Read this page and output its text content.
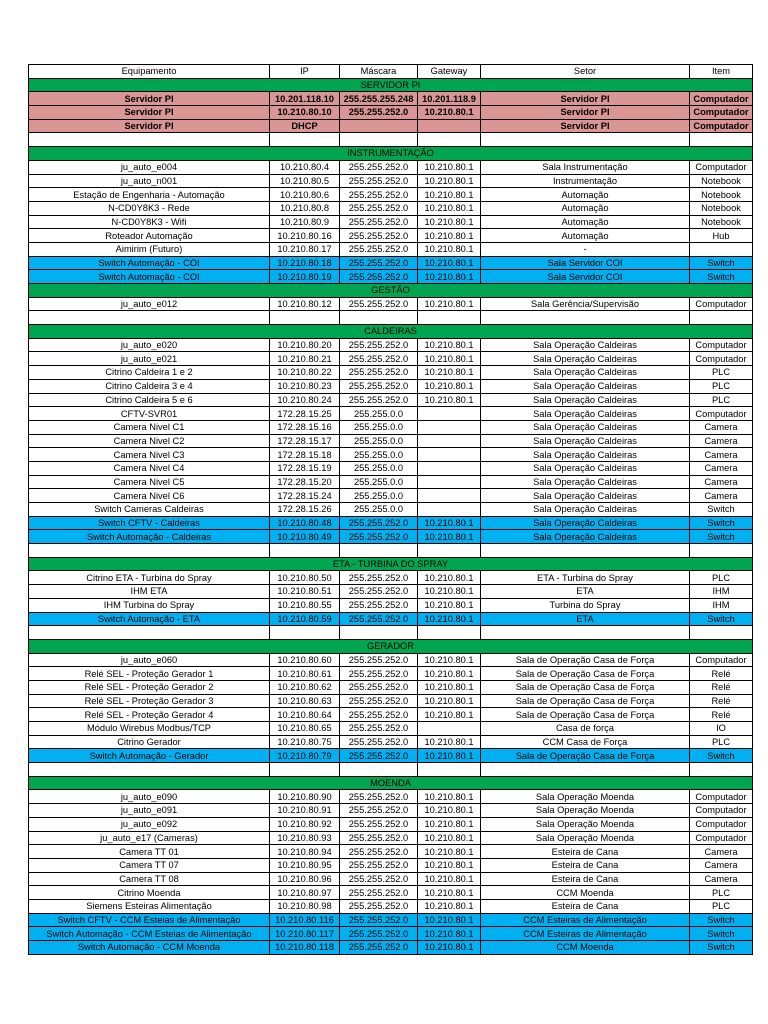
Equipamento	IP	Máscara	Gateway	Setor	Item
SERVIDOR PI					
Servidor PI	10.201.118.10	255.255.255.248	10.201.118.9	Servidor PI	Computador
Servidor PI	10.210.80.10	255.255.252.0	10.210.80.1	Servidor PI	Computador
Servidor PI	DHCP			Servidor PI	Computador

INSTRUMENTAÇÃO					
ju_auto_e004	10.210.80.4	255.255.252.0	10.210.80.1	Sala Instrumentação	Computador
ju_auto_n001	10.210.80.5	255.255.252.0	10.210.80.1	Instrumentação	Notebook
Estação de Engenharia - Automação	10.210.80.6	255.255.252.0	10.210.80.1	Automação	Notebook
N-CD0Y8K3 - Rede	10.210.80.8	255.255.252.0	10.210.80.1	Automação	Notebook
N-CD0Y8K3 - Wifi	10.210.80.9	255.255.252.0	10.210.80.1	Automação	Notebook
Roteador Automação	10.210.80.16	255.255.252.0	10.210.80.1	Automação	Hub
Aimirim (Futuro)	10.210.80.17	255.255.252.0	10.210.80.1	-	
Switch Automação - COI	10.210.80.18	255.255.252.0	10.210.80.1	Sala Servidor COI	Switch
Switch Automação - COI	10.210.80.19	255.255.252.0	10.210.80.1	Sala Servidor COI	Switch
GESTÃO					
ju_auto_e012	10.210.80.12	255.255.252.0	10.210.80.1	Sala Gerência/Supervisão	Computador

CALDEIRAS					
ju_auto_e020	10.210.80.20	255.255.252.0	10.210.80.1	Sala Operação Caldeiras	Computador
ju_auto_e021	10.210.80.21	255.255.252.0	10.210.80.1	Sala Operação Caldeiras	Computador
Citrino Caldeira 1 e 2	10.210.80.22	255.255.252.0	10.210.80.1	Sala Operação Caldeiras	PLC
Citrino Caldeira 3 e 4	10.210.80.23	255.255.252.0	10.210.80.1	Sala Operação Caldeiras	PLC
Citrino Caldeira 5 e 6	10.210.80.24	255.255.252.0	10.210.80.1	Sala Operação Caldeiras	PLC
CFTV-SVR01	172.28.15.25	255.255.0.0		Sala Operação Caldeiras	Computador
Camera Nivel C1	172.28.15.16	255.255.0.0		Sala Operação Caldeiras	Camera
Camera Nivel C2	172.28.15.17	255.255.0.0		Sala Operação Caldeiras	Camera
Camera Nivel C3	172.28.15.18	255.255.0.0		Sala Operação Caldeiras	Camera
Camera Nivel C4	172.28.15.19	255.255.0.0		Sala Operação Caldeiras	Camera
Camera Nivel C5	172.28.15.20	255.255.0.0		Sala Operação Caldeiras	Camera
Camera Nivel C6	172.28.15.24	255.255.0.0		Sala Operação Caldeiras	Camera
Switch Cameras Caldeiras	172.28.15.26	255.255.0.0		Sala Operação Caldeiras	Switch
Switch CFTV - Caldeiras	10.210.80.48	255.255.252.0	10.210.80.1	Sala Operação Caldeiras	Switch
Switch Automação - Caldeiras	10.210.80.49	255.255.252.0	10.210.80.1	Sala Operação Caldeiras	Switch

ETA - TURBINA DO SPRAY					
Citrino ETA - Turbina do Spray	10.210.80.50	255.255.252.0	10.210.80.1	ETA - Turbina do Spray	PLC
IHM ETA	10.210.80.51	255.255.252.0	10.210.80.1	ETA	IHM
IHM Turbina do Spray	10.210.80.55	255.255.252.0	10.210.80.1	Turbina do Spray	IHM
Switch Automação - ETA	10.210.80.59	255.255.252.0	10.210.80.1	ETA	Switch

GERADOR					
ju_auto_e060	10.210.80.60	255.255.252.0	10.210.80.1	Sala de Operação Casa de Força	Computador
Relé SEL - Proteção Gerador 1	10.210.80.61	255.255.252.0	10.210.80.1	Sala de Operação Casa de Força	Relé
Relé SEL - Proteção Gerador 2	10.210.80.62	255.255.252.0	10.210.80.1	Sala de Operação Casa de Força	Relé
Relé SEL - Proteção Gerador 3	10.210.80.63	255.255.252.0	10.210.80.1	Sala de Operação Casa de Força	Relé
Relé SEL - Proteção Gerador 4	10.210.80.64	255.255.252.0	10.210.80.1	Sala de Operação Casa de Força	Relé
Módulo Wirebus Modbus/TCP	10.210.80.65	255.255.252.0		Casa de força	IO
Citrino Gerador	10.210.80.75	255.255.252.0	10.210.80.1	CCM Casa de Força	PLC
Switch Automação - Gerador	10.210.80.79	255.255.252.0	10.210.80.1	Sala de Operação Casa de Força	Switch

MOENDA					
ju_auto_e090	10.210.80.90	255.255.252.0	10.210.80.1	Sala Operação Moenda	Computador
ju_auto_e091	10.210.80.91	255.255.252.0	10.210.80.1	Sala Operação Moenda	Computador
ju_auto_e092	10.210.80.92	255.255.252.0	10.210.80.1	Sala Operação Moenda	Computador
ju_auto_e17 (Cameras)	10.210.80.93	255.255.252.0	10.210.80.1	Sala Operação Moenda	Computador
Camera TT 01	10.210.80.94	255.255.252.0	10.210.80.1	Esteira de Cana	Camera
Camera TT 07	10.210.80.95	255.255.252.0	10.210.80.1	Esteira de Cana	Camera
Camera TT 08	10.210.80.96	255.255.252.0	10.210.80.1	Esteira de Cana	Camera
Citrino Moenda	10.210.80.97	255.255.252.0	10.210.80.1	CCM Moenda	PLC
Siemens Esteiras Alimentação	10.210.80.98	255.255.252.0	10.210.80.1	Esteira de Cana	PLC
Switch CFTV - CCM Esteias de Alimentação	10.210.80.116	255.255.252.0	10.210.80.1	CCM Esteiras de Alimentação	Switch
Switch Automação - CCM Esteias de Alimentação	10.210.80.117	255.255.252.0	10.210.80.1	CCM Esteiras de Alimentação	Switch
Switch Automação - CCM Moenda	10.210.80.118	255.255.252.0	10.210.80.1	CCM Moenda	Switch
